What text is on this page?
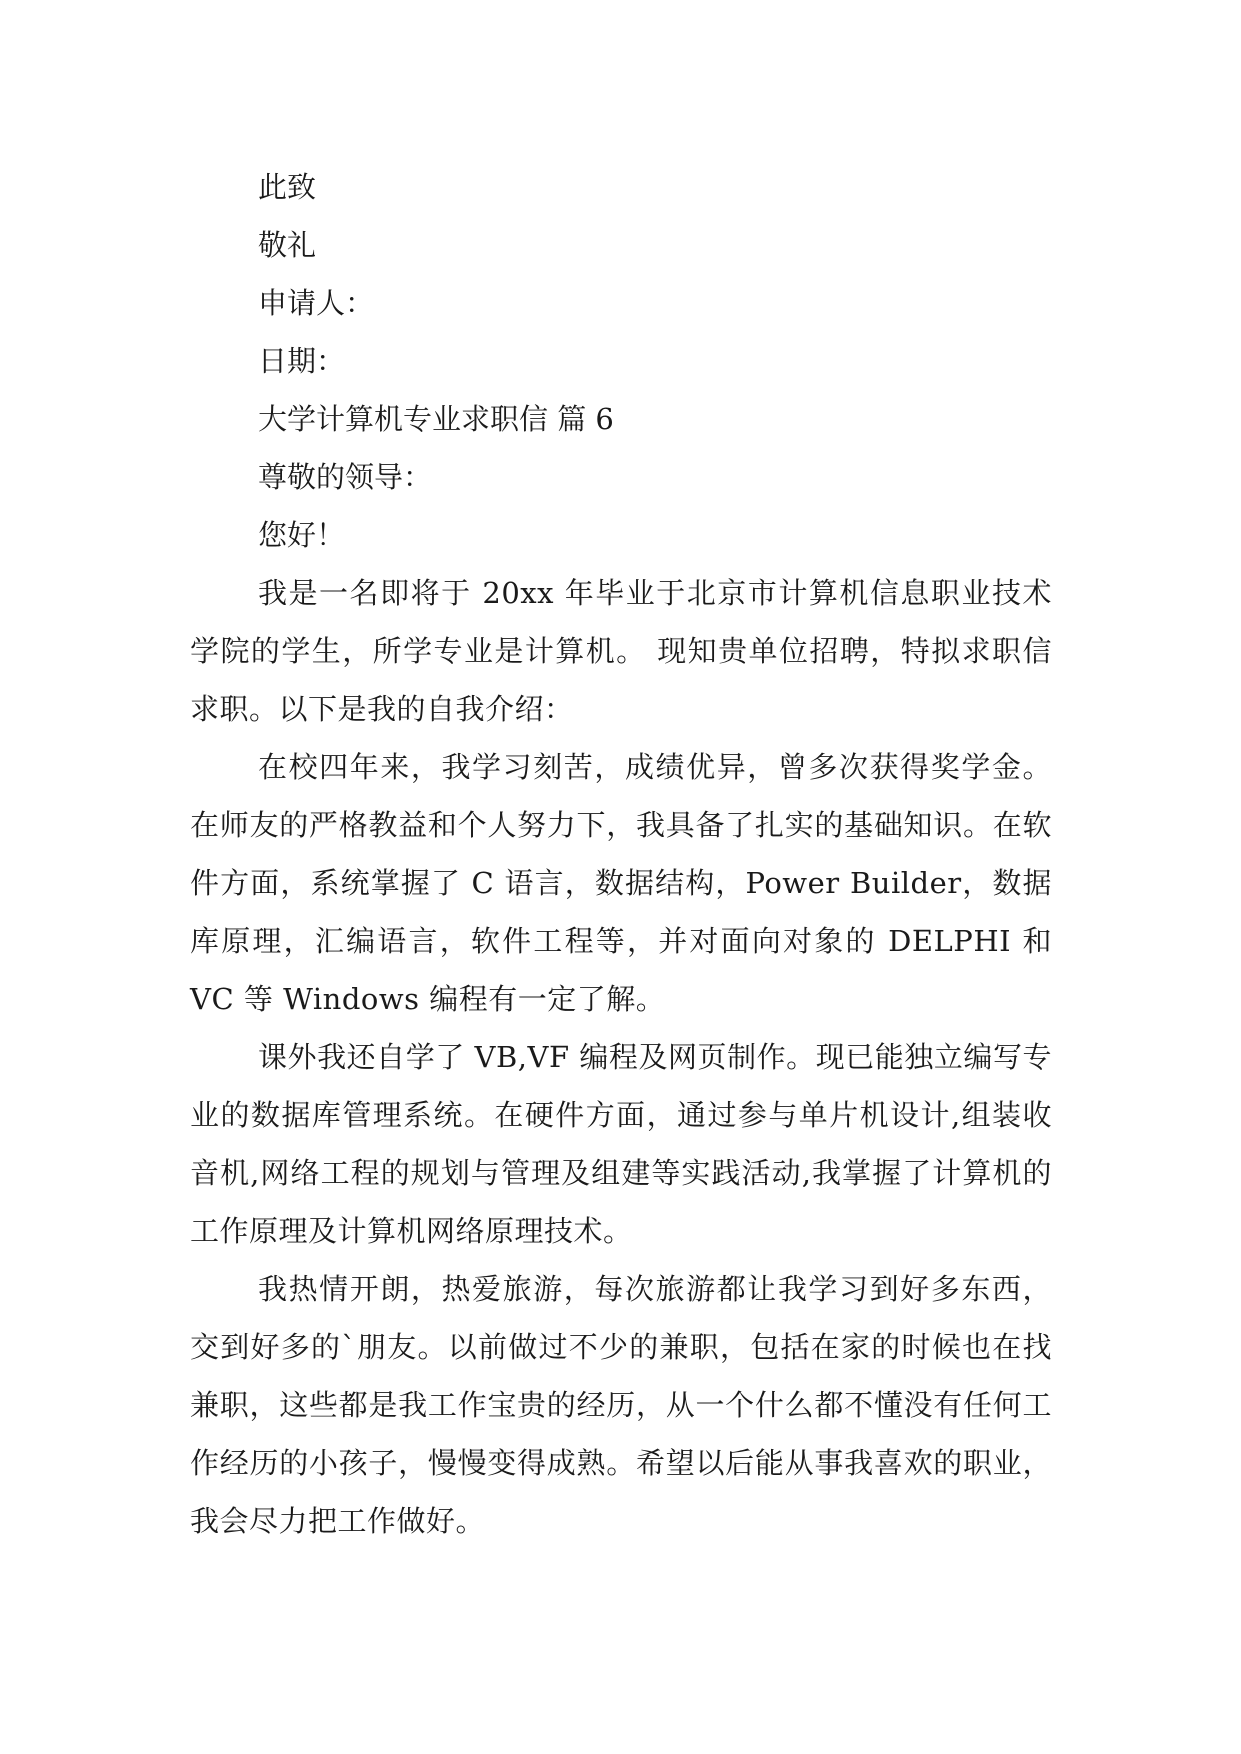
此致

敬礼

申请人：

日期：

大学计算机专业求职信 篇 6

尊敬的领导：

您好！

我是一名即将于 20xx 年毕业于北京市计算机信息职业技术学院的学生，所学专业是计算机。 现知贵单位招聘，特拟求职信求职。以下是我的自我介绍：

在校四年来，我学习刻苦，成绩优异，曾多次获得奖学金。在师友的严格教益和个人努力下，我具备了扎实的基础知识。在软件方面，系统掌握了 C 语言，数据结构，Power Builder，数据库原理，汇编语言，软件工程等，并对面向对象的 DELPHI 和 VC 等 Windows 编程有一定了解。

课外我还自学了 VB,VF 编程及网页制作。现已能独立编写专业的数据库管理系统。在硬件方面，通过参与单片机设计,组装收音机,网络工程的规划与管理及组建等实践活动,我掌握了计算机的工作原理及计算机网络原理技术。

我热情开朗，热爱旅游，每次旅游都让我学习到好多东西，交到好多的`朋友。以前做过不少的兼职，包括在家的时候也在找兼职，这些都是我工作宝贵的经历，从一个什么都不懂没有任何工作经历的小孩子，慢慢变得成熟。希望以后能从事我喜欢的职业，我会尽力把工作做好。
